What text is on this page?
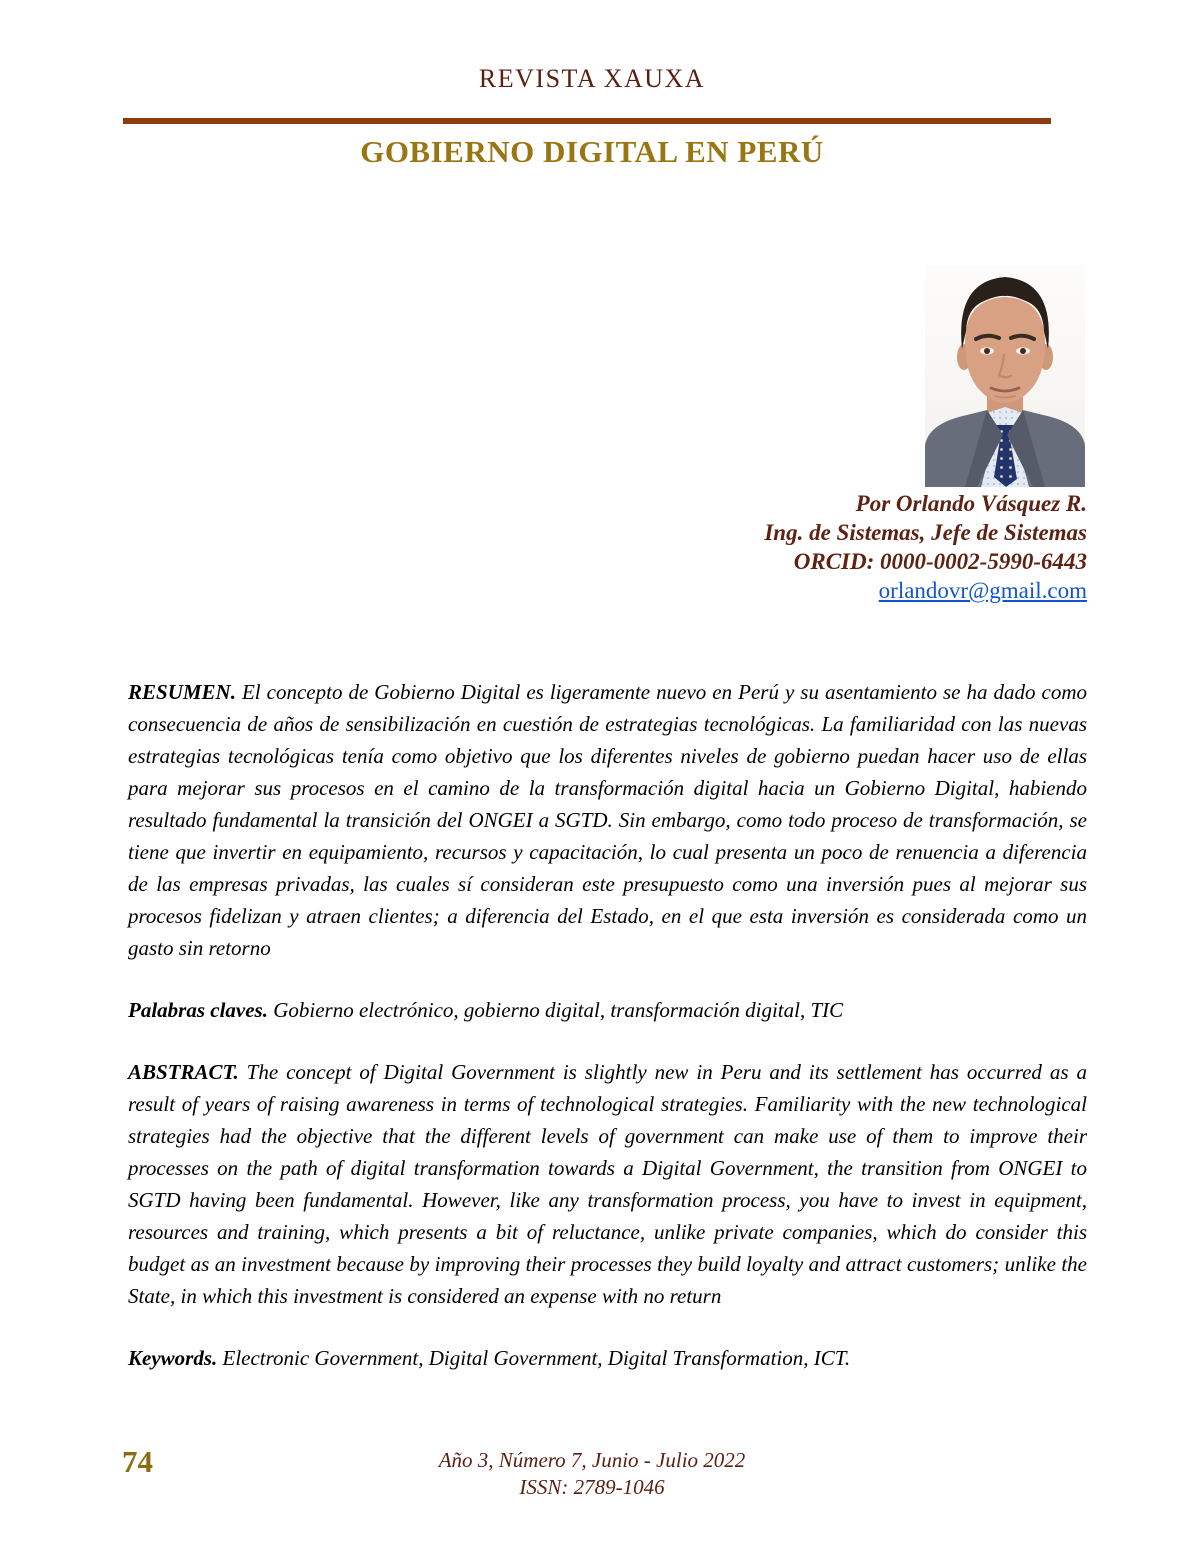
REVISTA XAUXA
GOBIERNO DIGITAL EN PERÚ
Por Orlando Vásquez R.
Ing. de Sistemas, Jefe de Sistemas
ORCID: 0000-0002-5990-6443
orlandovr@gmail.com

RESUMEN. El concepto de Gobierno Digital es ligeramente nuevo en Perú y su asentamiento se ha dado como consecuencia de años de sensibilización en cuestión de estrategias tecnológicas. La familiaridad con las nuevas estrategias tecnológicas tenía como objetivo que los diferentes niveles de gobierno puedan hacer uso de ellas para mejorar sus procesos en el camino de la transformación digital hacia un Gobierno Digital, habiendo resultado fundamental la transición del ONGEI a SGTD. Sin embargo, como todo proceso de transformación, se tiene que invertir en equipamiento, recursos y capacitación, lo cual presenta un poco de renuencia a diferencia de las empresas privadas, las cuales sí consideran este presupuesto como una inversión pues al mejorar sus procesos fidelizan y atraen clientes; a diferencia del Estado, en el que esta inversión es considerada como un gasto sin retorno

Palabras claves. Gobierno electrónico, gobierno digital, transformación digital, TIC

ABSTRACT. The concept of Digital Government is slightly new in Peru and its settlement has occurred as a result of years of raising awareness in terms of technological strategies. Familiarity with the new technological strategies had the objective that the different levels of government can make use of them to improve their processes on the path of digital transformation towards a Digital Government, the transition from ONGEI to SGTD having been fundamental. However, like any transformation process, you have to invest in equipment, resources and training, which presents a bit of reluctance, unlike private companies, which do consider this budget as an investment because by improving their processes they build loyalty and attract customers; unlike the State, in which this investment is considered an expense with no return

Keywords. Electronic Government, Digital Government, Digital Transformation, ICT.

74	Año 3, Número 7, Junio - Julio 2022
ISSN: 2789-1046
